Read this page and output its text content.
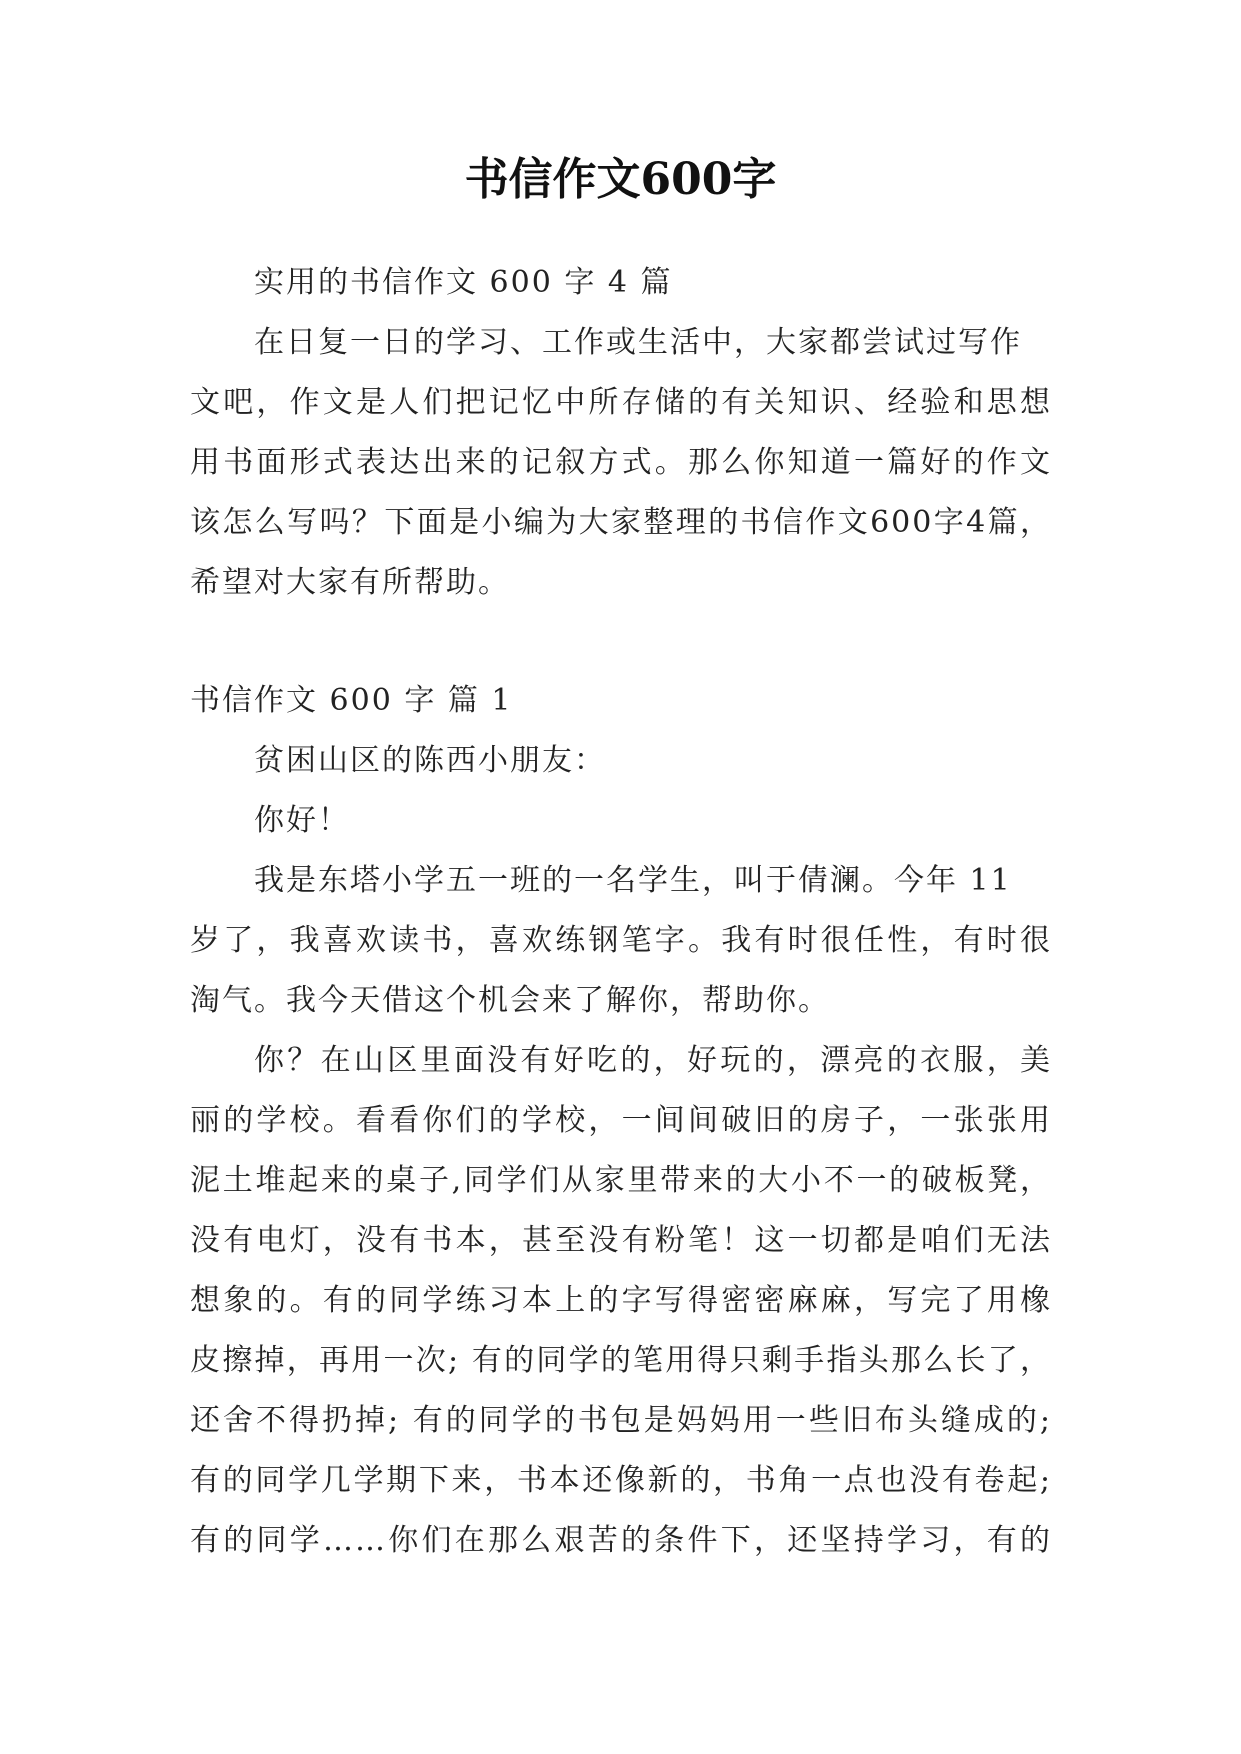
书信作文600字
实用的书信作文 600 字 4 篇
在日复一日的学习、工作或生活中，大家都尝试过写作
文吧，作文是人们把记忆中所存储的有关知识、经验和思想
用书面形式表达出来的记叙方式。那么你知道一篇好的作文
该怎么写吗？下面是小编为大家整理的书信作文600字4篇，
希望对大家有所帮助。
书信作文 600 字 篇 1
贫困山区的陈西小朋友：
你好！
我是东塔小学五一班的一名学生，叫于倩澜。今年 11
岁了，我喜欢读书，喜欢练钢笔字。我有时很任性，有时很
淘气。我今天借这个机会来了解你，帮助你。
你？在山区里面没有好吃的，好玩的，漂亮的衣服，美
丽的学校。看看你们的学校，一间间破旧的房子，一张张用
泥土堆起来的桌子,同学们从家里带来的大小不一的破板凳，
没有电灯，没有书本，甚至没有粉笔！这一切都是咱们无法
想象的。有的同学练习本上的字写得密密麻麻，写完了用橡
皮擦掉，再用一次; 有的同学的笔用得只剩手指头那么长了，
还舍不得扔掉; 有的同学的书包是妈妈用一些旧布头缝成的;
有的同学几学期下来，书本还像新的，书角一点也没有卷起;
有的同学……你们在那么艰苦的条件下，还坚持学习，有的
